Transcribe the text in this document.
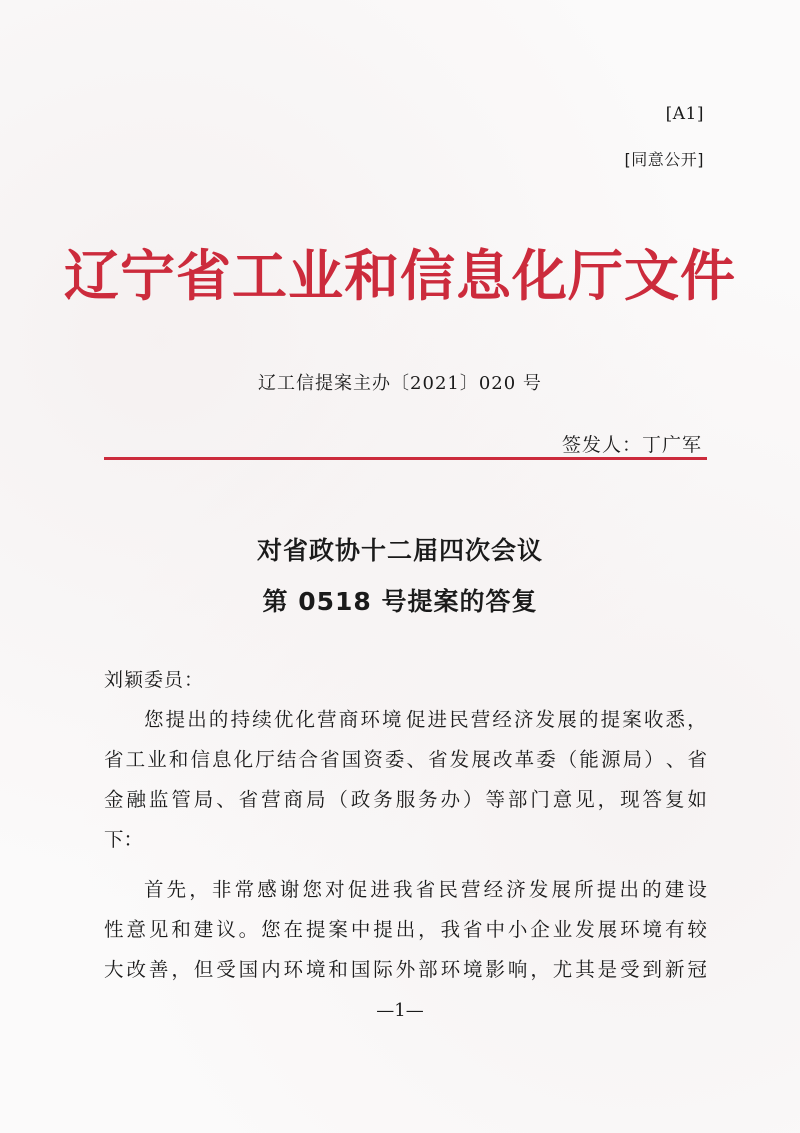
[A1]
[同意公开]
辽宁省工业和信息化厅文件
辽工信提案主办〔2021〕020 号
签发人：丁广军
对省政协十二届四次会议
第 0518 号提案的答复
刘颖委员：
您 提 出 的 持 续 优 化 营 商 环 境 促 进 民 营 经 济 发 展 的 提 案 收 悉 ，
省 工 业 和 信 息 化 厅 结 合 省 国 资 委 、 省 发 展 改 革 委 （ 能 源 局 ） 、 省
金 融 监 管 局 、 省 营 商 局 （ 政 务 服 务 办 ） 等 部 门 意 见 ， 现 答 复 如
下 ：
首 先 ， 非 常 感 谢 您 对 促 进 我 省 民 营 经 济 发 展 所 提 出 的 建 设
性 意 见 和 建 议 。 您 在 提 案 中 提 出 ， 我 省 中 小 企 业 发 展 环 境 有 较
大 改 善 ， 但 受 国 内 环 境 和 国 际 外 部 环 境 影 响 ， 尤 其 是 受 到 新 冠
—1—
